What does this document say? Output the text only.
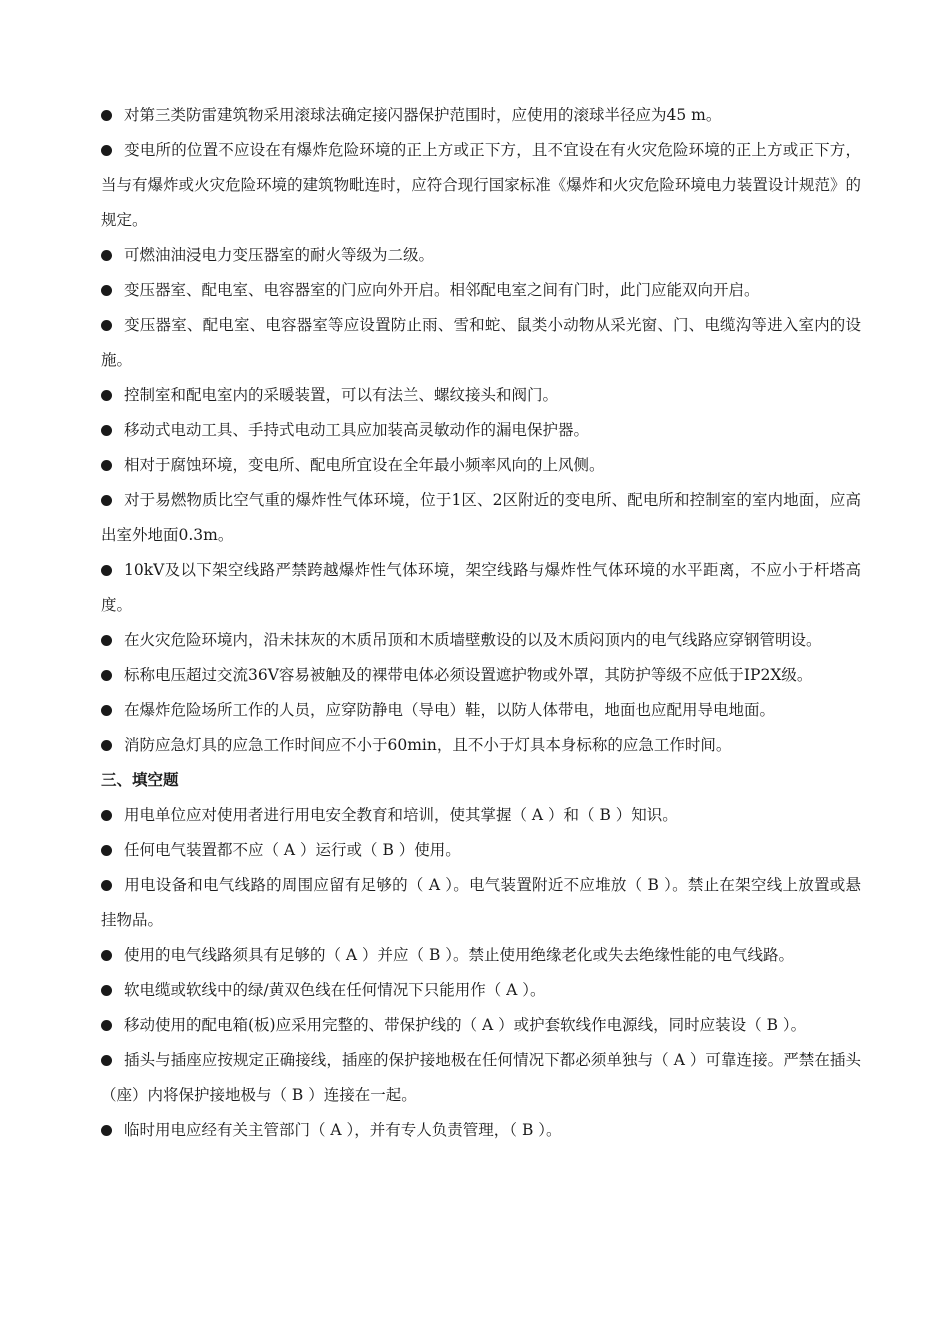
对第三类防雷建筑物采用滚球法确定接闪器保护范围时，应使用的滚球半径应为45 m。

变电所的位置不应设在有爆炸危险环境的正上方或正下方，且不宜设在有火灾危险环境的正上方或正下方，当与有爆炸或火灾危险环境的建筑物毗连时，应符合现行国家标准《爆炸和火灾危险环境电力装置设计规范》的规定。

可燃油油浸电力变压器室的耐火等级为二级。

变压器室、配电室、电容器室的门应向外开启。相邻配电室之间有门时，此门应能双向开启。

变压器室、配电室、电容器室等应设置防止雨、雪和蛇、鼠类小动物从采光窗、门、电缆沟等进入室内的设施。

控制室和配电室内的采暖装置，可以有法兰、螺纹接头和阀门。

移动式电动工具、手持式电动工具应加装高灵敏动作的漏电保护器。

相对于腐蚀环境，变电所、配电所宜设在全年最小频率风向的上风侧。

对于易燃物质比空气重的爆炸性气体环境，位于1区、2区附近的变电所、配电所和控制室的室内地面，应高出室外地面0.3m。

10kV及以下架空线路严禁跨越爆炸性气体环境，架空线路与爆炸性气体环境的水平距离，不应小于杆塔高度。

在火灾危险环境内，沿未抹灰的木质吊顶和木质墙壁敷设的以及木质闷顶内的电气线路应穿钢管明设。

标称电压超过交流36V容易被触及的裸带电体必须设置遮护物或外罩，其防护等级不应低于IP2X级。

在爆炸危险场所工作的人员，应穿防静电（导电）鞋，以防人体带电，地面也应配用导电地面。

消防应急灯具的应急工作时间应不小于60min，且不小于灯具本身标称的应急工作时间。

三、填空题

用电单位应对使用者进行用电安全教育和培训，使其掌握（ A ）和（ B ）知识。

任何电气装置都不应（ A ）运行或（ B ）使用。

用电设备和电气线路的周围应留有足够的（ A ）。电气装置附近不应堆放（ B ）。禁止在架空线上放置或悬挂物品。

使用的电气线路须具有足够的（ A ）并应（ B ）。禁止使用绝缘老化或失去绝缘性能的电气线路。

软电缆或软线中的绿/黄双色线在任何情况下只能用作（ A ）。

移动使用的配电箱(板)应采用完整的、带保护线的（ A ）或护套软线作电源线，同时应装设（ B ）。

插头与插座应按规定正确接线，插座的保护接地极在任何情况下都必须单独与（ A ）可靠连接。严禁在插头（座）内将保护接地极与（ B ）连接在一起。

临时用电应经有关主管部门（ A ），并有专人负责管理，（ B ）。
